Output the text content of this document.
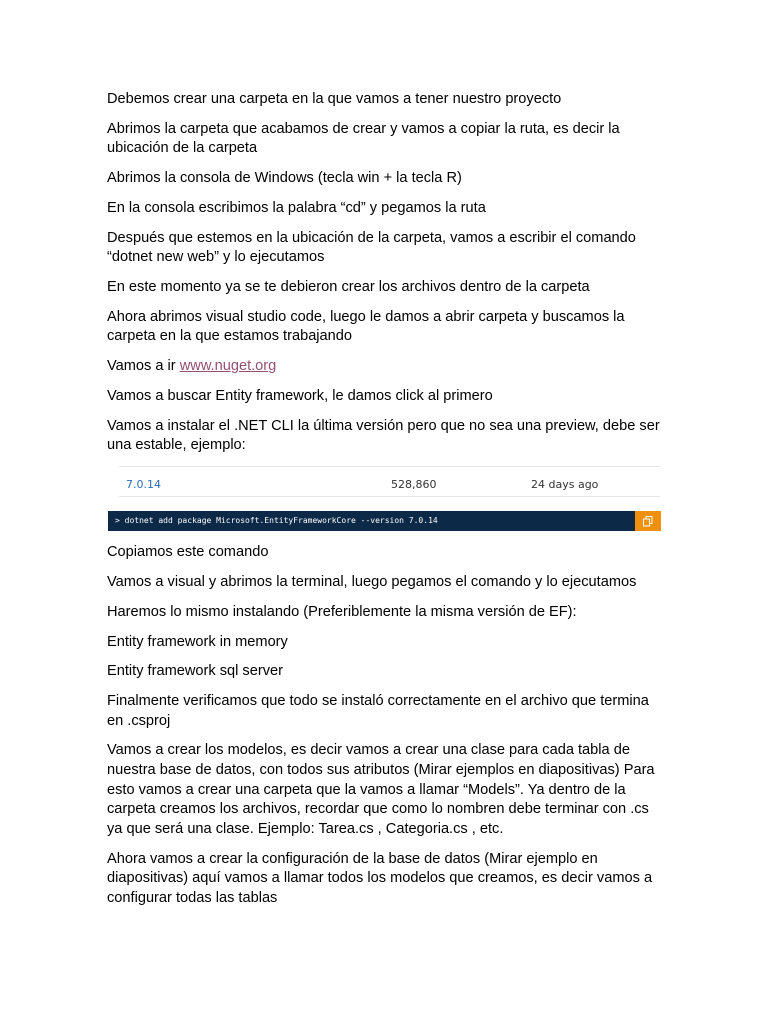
Debemos crear una carpeta en la que vamos a tener nuestro proyecto

Abrimos la carpeta que acabamos de crear y vamos a copiar la ruta, es decir la ubicación de la carpeta

Abrimos la consola de Windows (tecla win + la tecla R)

En la consola escribimos la palabra “cd” y pegamos la ruta

Después que estemos en la ubicación de la carpeta, vamos a escribir el comando “dotnet new web” y lo ejecutamos

En este momento ya se te debieron crear los archivos dentro de la carpeta

Ahora abrimos visual studio code, luego le damos a abrir carpeta y buscamos la carpeta en la que estamos trabajando

Vamos a ir www.nuget.org

Vamos a buscar Entity framework, le damos click al primero

Vamos a instalar el .NET CLI la última versión pero que no sea una preview, debe ser una estable, ejemplo:

7.0.14	528,860	24 days ago
> dotnet add package Microsoft.EntityFrameworkCore --version 7.0.14

Copiamos este comando

Vamos a visual y abrimos la terminal, luego pegamos el comando y lo ejecutamos

Haremos lo mismo instalando (Preferiblemente la misma versión de EF):

Entity framework in memory

Entity framework sql server

Finalmente verificamos que todo se instaló correctamente en el archivo que termina en .csproj

Vamos a crear los modelos, es decir vamos a crear una clase para cada tabla de nuestra base de datos, con todos sus atributos (Mirar ejemplos en diapositivas) Para esto vamos a crear una carpeta que la vamos a llamar “Models”. Ya dentro de la carpeta creamos los archivos, recordar que como lo nombren debe terminar con .cs ya que será una clase. Ejemplo: Tarea.cs , Categoria.cs , etc.

Ahora vamos a crear la configuración de la base de datos (Mirar ejemplo en diapositivas) aquí vamos a llamar todos los modelos que creamos, es decir vamos a configurar todas las tablas
